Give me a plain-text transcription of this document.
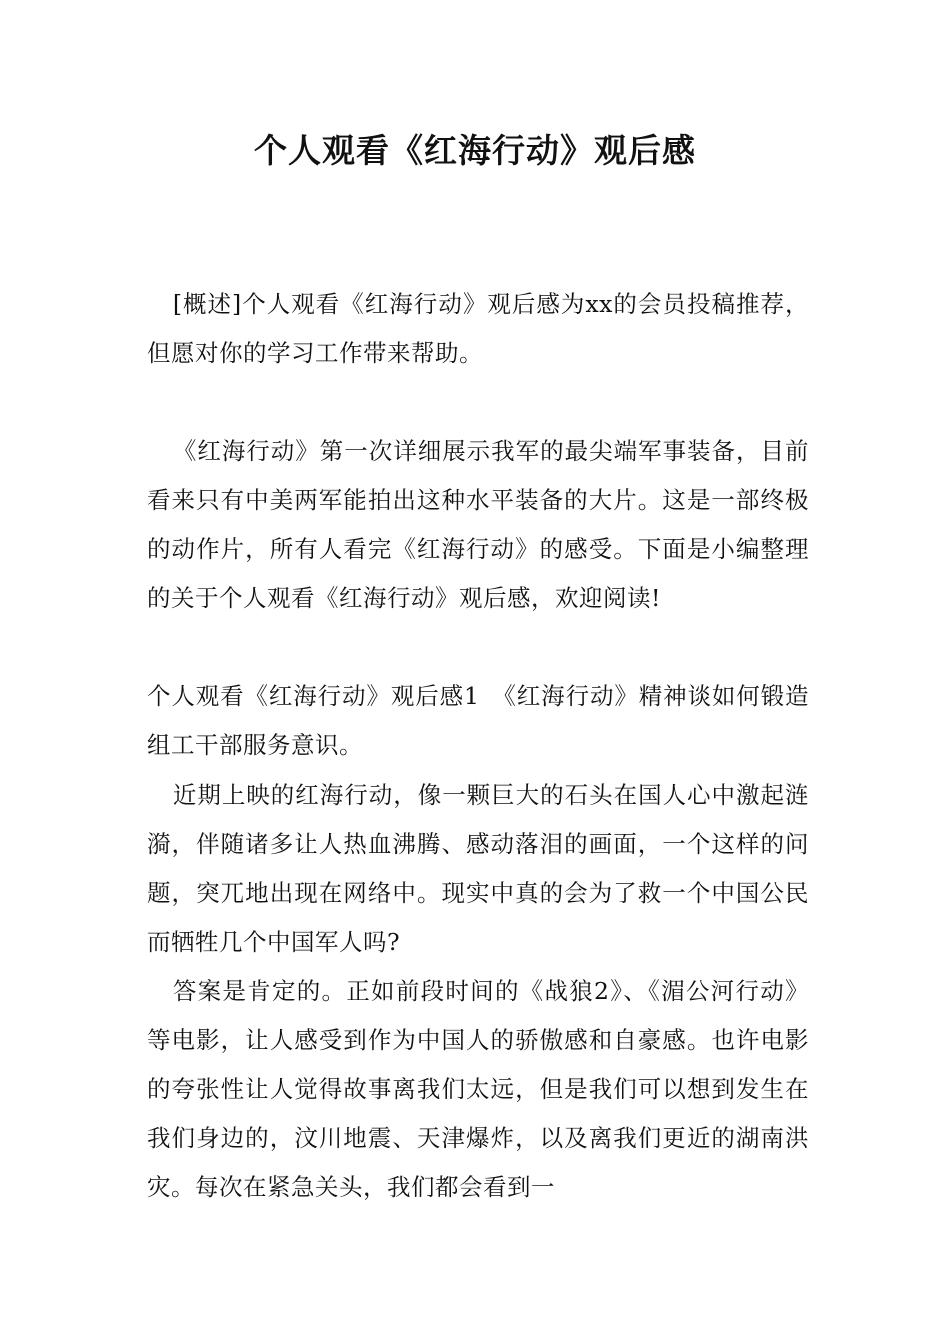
个人观看《红海行动》观后感

[概述]个人观看《红海行动》观后感为xx的会员投稿推荐，但愿对你的学习工作带来帮助。

《红海行动》第一次详细展示我军的最尖端军事装备，目前看来只有中美两军能拍出这种水平装备的大片。这是一部终极的动作片，所有人看完《红海行动》的感受。下面是小编整理的关于个人观看《红海行动》观后感，欢迎阅读!

个人观看《红海行动》观后感1　《红海行动》精神谈如何锻造组工干部服务意识。

近期上映的红海行动，像一颗巨大的石头在国人心中激起涟漪，伴随诸多让人热血沸腾、感动落泪的画面，一个这样的问题，突兀地出现在网络中。现实中真的会为了救一个中国公民而牺牲几个中国军人吗?

答案是肯定的。正如前段时间的《战狼2》、《湄公河行动》等电影，让人感受到作为中国人的骄傲感和自豪感。也许电影的夸张性让人觉得故事离我们太远，但是我们可以想到发生在我们身边的，汶川地震、天津爆炸，以及离我们更近的湖南洪灾。每次在紧急关头，我们都会看到一
